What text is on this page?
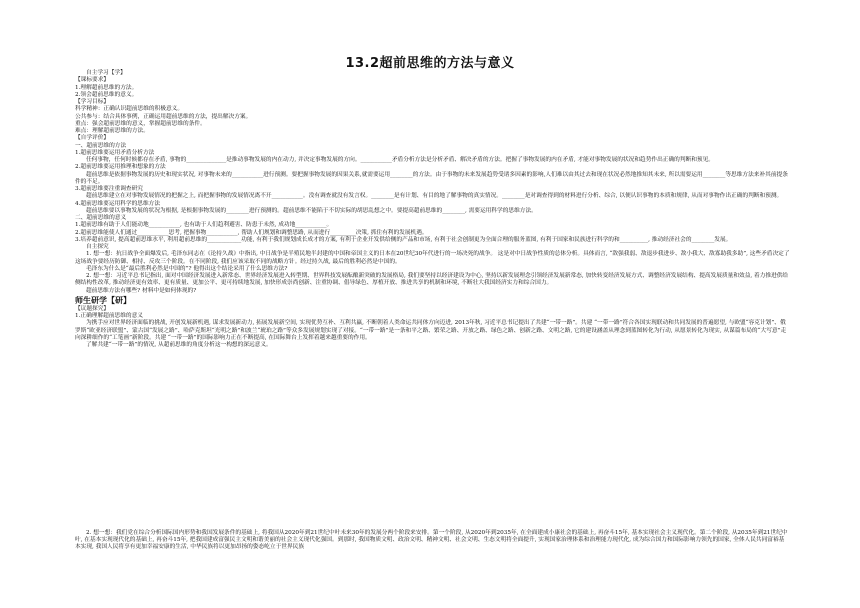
13.2超前思维的方法与意义

自主学习【学】

【课标要求】

1.理解超前思维的方法。

2.领会超前思维的意义。

【学习目标】

科学精神：正确认识超前思维的积极意义。

公共参与：结合具体事例，正确运用超前思维的方法，提出解决方案。

重点：强会超前思维的意义，掌握超前思维的条件。

难点：理解超前思维的方法。

【自学评价】

一、超前思维的方法

1.超前思维要运用矛盾分析方法

任何事物，任何时候都存在矛盾, 事物的______________是推动事物发展的内在动力, 并决定事物发展的方向。___________矛盾分析方法是分析矛盾、解决矛盾的方法。把握了事物发展的内在矛盾, 才能对事物发展的状况和趋势作出正确的判断和预见。

2.超前思维要运用推理和想象的方法

超前思维是依据事物发展的历史和现实状况, 对事物未来的___________进行预测。要把握事物发展的因果关系,就需要运用________的方法。由于事物的未来发展趋势受诸多因素的影响,人们难以由其过去和现在状况必然地推知其未来, 所以需要运用________等思维方法来补其前提条件的不足。

3.超前思维要注重调查研究

超前思维建立在对事物发展情况的把握之上, 而把握事物的发展情况离不开___________。没有调查就没有发言权。________是有计划、有目的地了解事物的真实情况。________是对调查得到的材料进行分析、综合, 以便认识事物的本质和规律, 从而对事物作出正确的判断和预测。

4.超前思维要运用科学的思维方法

超前思维要以事物发展的状况为根据, 是根据事物发展的________进行预测的。超前思维不能陷于不切实际的胡思乱想之中。要提高超前思维的________, 需要运用科学的思维方法。

二、超前思维的意义

1.超前思维有助于人们能动地___________, 也有助于人们趋利避害、防患于未然, 成功地___________。

2.超前思维能使人们通过___________思考, 把握事物___________, 帮助人们规划和调整思路, 从而进行_________决策, 抓住有利的发展机遇。

3.培养超前意识, 提高超前思维水平, 利用超前思维的____________功能, 有利于我们规划成长成才的方案, 有利于企业开发供给侧的产品和市场, 有利于社会创制更为全面合理的服务蓝图, 有利于国家和民族进行科学的和__________, 推动经济社会的________发展。

自主探究

1. 想一想：抗日战争全面爆发后, 毛泽东同志在《论持久战》中指出, 中日战争是半殖民地半封建的中国和帝国主义的日本在20世纪30年代进行的一场决死的战争。 这是对中日战争性质的总体分析。具体而言, “敌强我弱、敌退步我进步、敌小我大、敌寡助我多助”, 这些矛盾决定了这场战争要经历防御、相持、反攻三个阶段。在不同阶段, 我们应该采取不同的战略方针。经过持久战, 最后的胜利必然是中国的。

毛泽东为什么是“最后胜利必然是中国的”? 他得出这个结论采用了什么思维方法?

2. 想一想：习近平总书记指出, 面对中国经济发展进入新常态、世界经济发展进入转型期、世界科技发展酝酿新突破的发展格局, 我们要坚持以经济建设为中心, 坚持以新发展理念引领经济发展新常态, 加快转变经济发展方式、调整经济发展结构、提高发展质量和效益, 着力推进供给侧结构性改革, 推动经济更有效率、更有质量、更加公平、更可持续地发展, 加快形成崇尚创新、注重协调、倡导绿色、厚植开放、推进共享的机制和环境, 不断壮大我国经济实力和综合国力。

超前思维方法有哪些? 材料中是如何体现的?

师生研学【研】

【议题探究】

1.正确理解超前思维的意义

为携手应对世界经济面临的挑战, 开创发展新机遇, 谋求发展新动力, 拓展发展新空间, 实现优势互补、互利共赢, 不断朝着人类命运共同体方向迈进, 2013年秋, 习近平总书记提出了共建“一带一路”。共建 “一带一路”符合各国实现联动和共同发展的普遍愿望, 与欧盟“容克计划”、俄罗斯“欧亚经济联盟”、蒙古国“发展之路”、哈萨克斯坦“光明之路”和波兰“琥珀之路”等众多发展规划实现了对接。“一带一路”是一条和平之路、繁荣之路、开放之路、绿色之路、创新之路、文明之路, 它的建设涵盖从理念到蓝图转化为行动, 从愿景转化为现实, 从谋篇布局的“大写意”走向深耕细作的“工笔画”新阶段。共建 “一带一路”的国际影响力正在不断提高, 在国际舞台上发挥着越来越重要的作用。

了解共建“一带一路”的情况, 从超前思维的角度分析这一构想的深远意义。

2. 想一想：我们党在综合分析国际国内形势和我国发展条件的基础上, 将我国从2020年到21世纪中叶未来30年的发展分两个阶段来安排。第一个阶段, 从2020年到2035年, 在全面建成小康社会的基础上, 再奋斗15年, 基本实现社会主义现代化。第二个阶段, 从2035年到21世纪中叶, 在基本实现现代化的基础上, 再奋斗15年, 把我国建成富强民主文明和谐美丽的社会主义现代化强国。到那时, 我国物质文明、政治文明、精神文明、社会文明、生态文明将全面提升, 实现国家治理体系和治理能力现代化, 成为综合国力和国际影响力领先的国家, 全体人民共同富裕基本实现, 我国人民将享有更加幸福安康的生活, 中华民族将以更加昂扬的姿态屹立于世界民族
